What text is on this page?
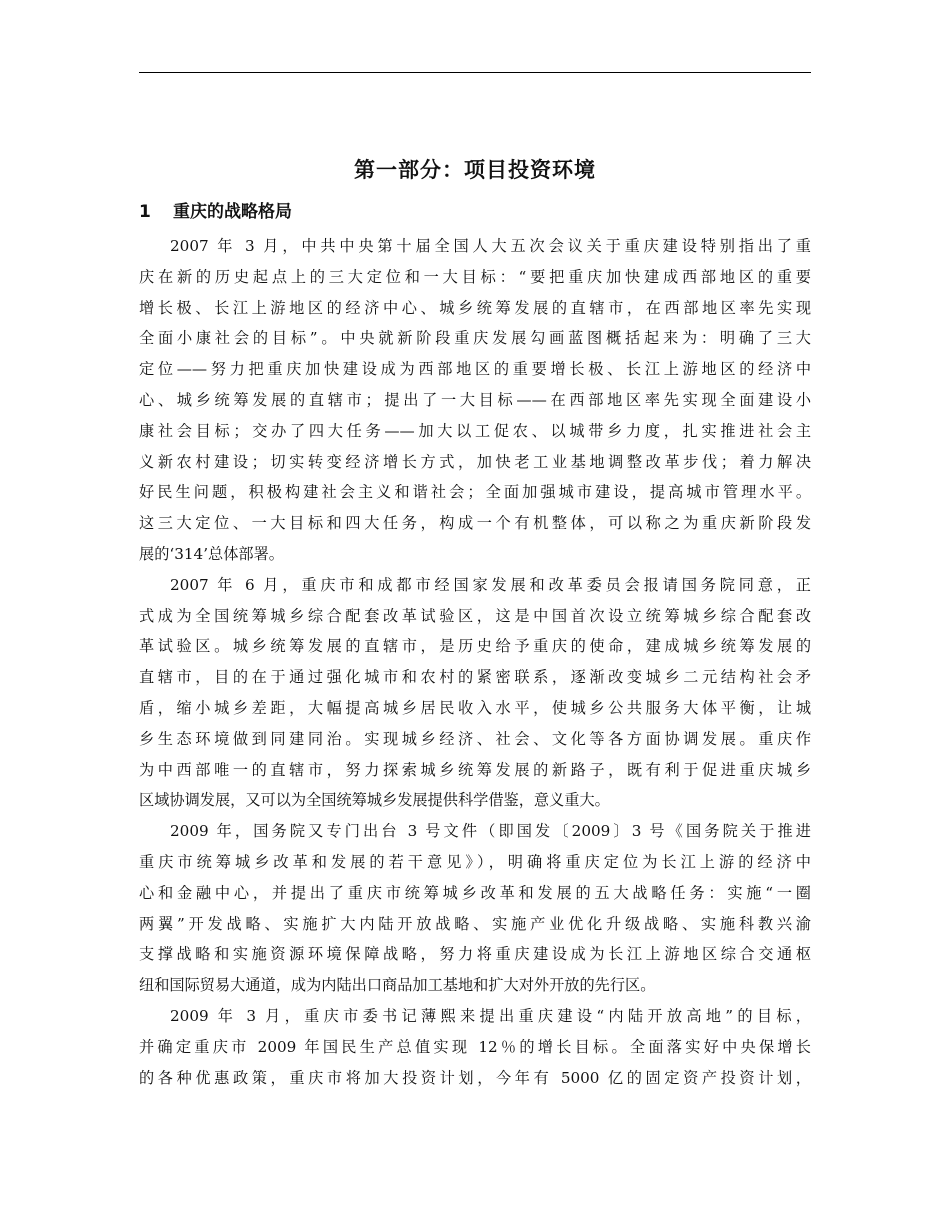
第一部分：项目投资环境
1 重庆的战略格局
2007 年 3 月，中共中央第十届全国人大五次会议关于重庆建设特别指出了重
庆在新的历史起点上的三大定位和一大目标：“要把重庆加快建成西部地区的重要
增长极、长江上游地区的经济中心、城乡统筹发展的直辖市，在西部地区率先实现
全面小康社会的目标”。中央就新阶段重庆发展勾画蓝图概括起来为：明确了三大
定位——努力把重庆加快建设成为西部地区的重要增长极、长江上游地区的经济中
心、城乡统筹发展的直辖市；提出了一大目标——在西部地区率先实现全面建设小
康社会目标；交办了四大任务——加大以工促农、以城带乡力度，扎实推进社会主
义新农村建设；切实转变经济增长方式，加快老工业基地调整改革步伐；着力解决
好民生问题，积极构建社会主义和谐社会；全面加强城市建设，提高城市管理水平。
这三大定位、一大目标和四大任务，构成一个有机整体，可以称之为重庆新阶段发
展的‘314’总体部署。
2007 年 6 月，重庆市和成都市经国家发展和改革委员会报请国务院同意，正
式成为全国统筹城乡综合配套改革试验区，这是中国首次设立统筹城乡综合配套改
革试验区。城乡统筹发展的直辖市，是历史给予重庆的使命，建成城乡统筹发展的
直辖市，目的在于通过强化城市和农村的紧密联系，逐渐改变城乡二元结构社会矛
盾，缩小城乡差距，大幅提高城乡居民收入水平，使城乡公共服务大体平衡，让城
乡生态环境做到同建同治。实现城乡经济、社会、文化等各方面协调发展。重庆作
为中西部唯一的直辖市，努力探索城乡统筹发展的新路子，既有利于促进重庆城乡
区域协调发展，又可以为全国统筹城乡发展提供科学借鉴，意义重大。
2009 年，国务院又专门出台 3 号文件（即国发〔2009〕3 号《国务院关于推进
重庆市统筹城乡改革和发展的若干意见》），明确将重庆定位为长江上游的经济中
心和金融中心，并提出了重庆市统筹城乡改革和发展的五大战略任务：实施“一圈
两翼”开发战略、实施扩大内陆开放战略、实施产业优化升级战略、实施科教兴渝
支撑战略和实施资源环境保障战略，努力将重庆建设成为长江上游地区综合交通枢
纽和国际贸易大通道，成为内陆出口商品加工基地和扩大对外开放的先行区。
2009 年 3 月，重庆市委书记薄熙来提出重庆建设“内陆开放高地”的目标，
并确定重庆市 2009 年国民生产总值实现 12％的增长目标。全面落实好中央保增长
的各种优惠政策，重庆市将加大投资计划，今年有 5000 亿的固定资产投资计划，
